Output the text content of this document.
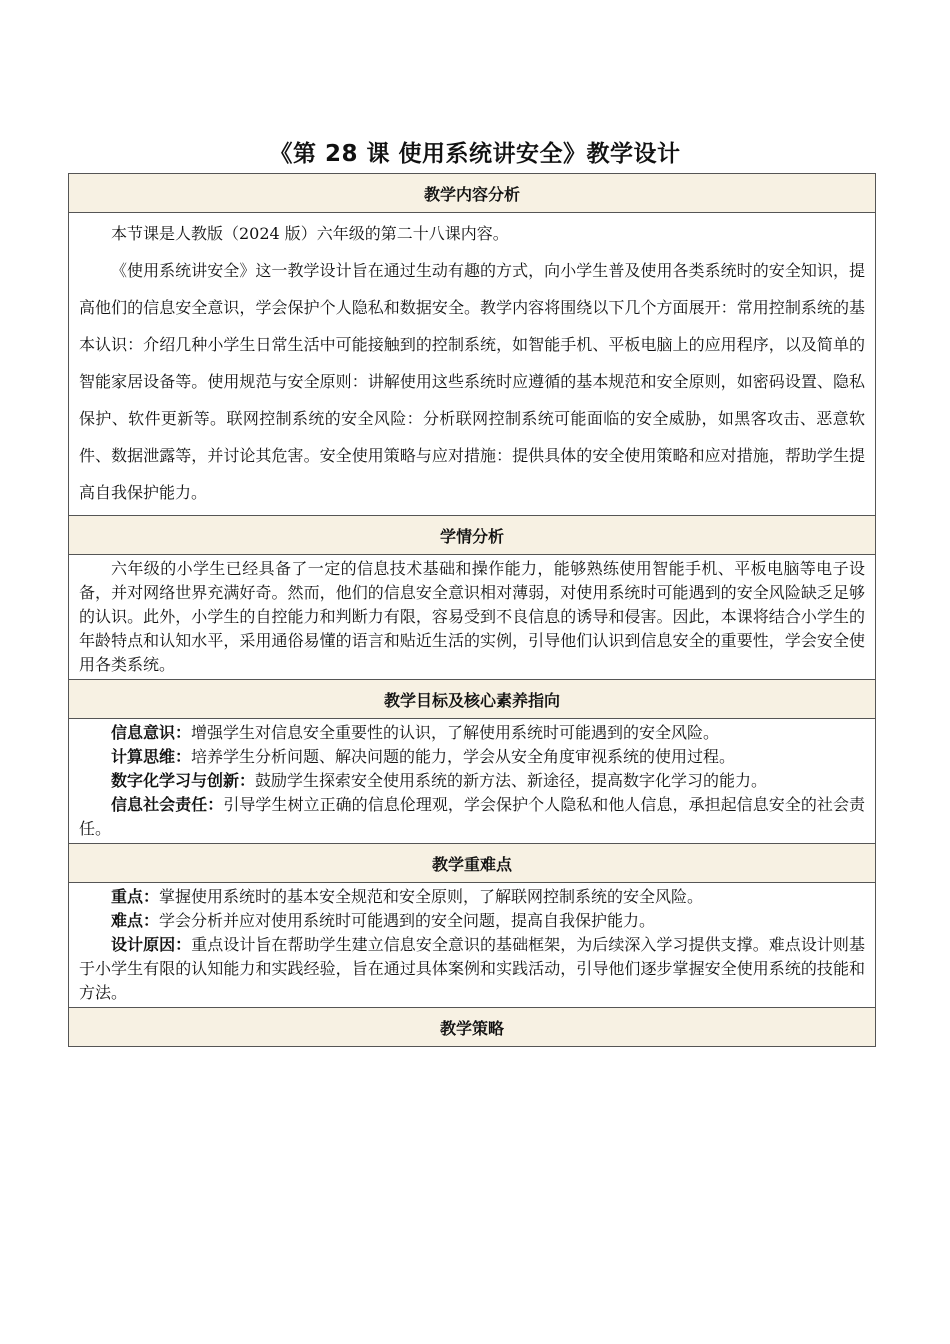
《第 28 课 使用系统讲安全》教学设计
教学内容分析

本节课是人教版（2024 版）六年级的第二十八课内容。

《使用系统讲安全》这一教学设计旨在通过生动有趣的方式，向小学生普及使用各类系统时的安全知识，提高他们的信息安全意识，学会保护个人隐私和数据安全。教学内容将围绕以下几个方面展开：常用控制系统的基本认识：介绍几种小学生日常生活中可能接触到的控制系统，如智能手机、平板电脑上的应用程序，以及简单的智能家居设备等。使用规范与安全原则：讲解使用这些系统时应遵循的基本规范和安全原则，如密码设置、隐私保护、软件更新等。联网控制系统的安全风险：分析联网控制系统可能面临的安全威胁，如黑客攻击、恶意软件、数据泄露等，并讨论其危害。安全使用策略与应对措施：提供具体的安全使用策略和应对措施，帮助学生提高自我保护能力。

学情分析

六年级的小学生已经具备了一定的信息技术基础和操作能力，能够熟练使用智能手机、平板电脑等电子设备，并对网络世界充满好奇。然而，他们的信息安全意识相对薄弱，对使用系统时可能遇到的安全风险缺乏足够的认识。此外，小学生的自控能力和判断力有限，容易受到不良信息的诱导和侵害。因此，本课将结合小学生的年龄特点和认知水平，采用通俗易懂的语言和贴近生活的实例，引导他们认识到信息安全的重要性，学会安全使用各类系统。

教学目标及核心素养指向

信息意识：增强学生对信息安全重要性的认识，了解使用系统时可能遇到的安全风险。

计算思维：培养学生分析问题、解决问题的能力，学会从安全角度审视系统的使用过程。

数字化学习与创新：鼓励学生探索安全使用系统的新方法、新途径，提高数字化学习的能力。

信息社会责任：引导学生树立正确的信息伦理观，学会保护个人隐私和他人信息，承担起信息安全的社会责任。

教学重难点

重点：掌握使用系统时的基本安全规范和安全原则，了解联网控制系统的安全风险。

难点：学会分析并应对使用系统时可能遇到的安全问题，提高自我保护能力。

设计原因：重点设计旨在帮助学生建立信息安全意识的基础框架，为后续深入学习提供支撑。难点设计则基于小学生有限的认知能力和实践经验，旨在通过具体案例和实践活动，引导他们逐步掌握安全使用系统的技能和方法。

教学策略
